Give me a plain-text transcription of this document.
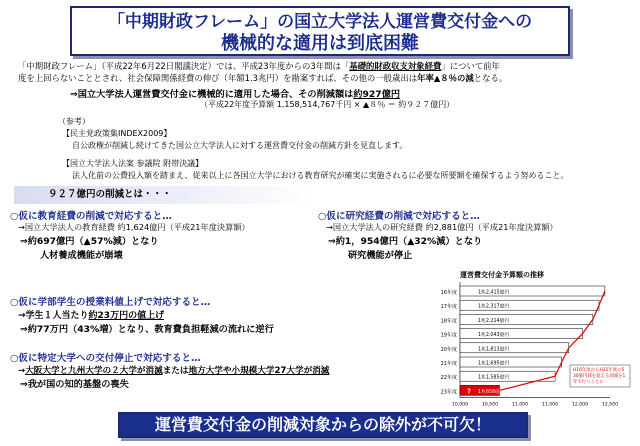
「中期財政フレーム」の国立大学法人運営費交付金への
機械的な適用は到底困難
「中期財政フレーム」（平成22年6月22日閣議決定）では、平成23年度からの3年間は「基礎的財政収支対象経費」について前年
度を上回らないこととされ、社会保障関係経費の伸び（年額1.3兆円）を勘案すれば、その他の一般歳出は年率▲８％の減となる。
⇒国立大学法人運営費交付金に機械的に適用した場合、その削減額は約927億円
（平成22年度予算額 1,158,514,767千円 × ▲８％ ＝ 約９２７億円）
（参考）
【民主党政策集INDEX2009】
自公政権が削減し続けてきた国公立大学法人に対する運営費交付金の削減方針を見直します。
【国立大学法人法案 参議院 附帯決議】
法人化前の公費投入額を踏まえ、従来以上に各国立大学における教育研究が確実に実施されるに必要な所要額を確保するよう努めること。
９２７億円の削減とは・・・
○仮に教育経費の削減で対応すると…
→国立大学法人の教育経費 約1,624億円（平成21年度決算額）
⇒約697億円（▲57%減）となり
人材養成機能が崩壊
○仮に研究経費の削減で対応すると…
→国立大学法人の研究経費 約2,881億円（平成21年度決算額）
⇒約1，954億円（▲32%減）となり
研究機能が停止
○仮に学部学生の授業料値上げで対応すると…
→学生１人当たり約23万円の値上げ
⇒約77万円（43%増）となり、教育費負担軽減の流れに逆行
○仮に特定大学への交付停止で対応すると…
→大阪大学と九州大学の２大学が消滅または地方大学や小規模大学27大学が消滅
⇒我が国の知的基盤の喪失
運営費交付金予算額の推移
16年度	1兆2,415億円
17年度	1兆2,317億円
18年度	1兆2,214億円
19年度	1兆2,043億円
20年度	1兆1,813億円
21年度	1兆1,695億円
22年度	1兆1,585億円
23年度	1兆658億円
?
10,000	10,500	11,000	11,500	12,000	12,500
H16年度からH22年度の5
30億円減を超える削減を1
年で行うことに
運営費交付金の削減対象からの除外が不可欠！
